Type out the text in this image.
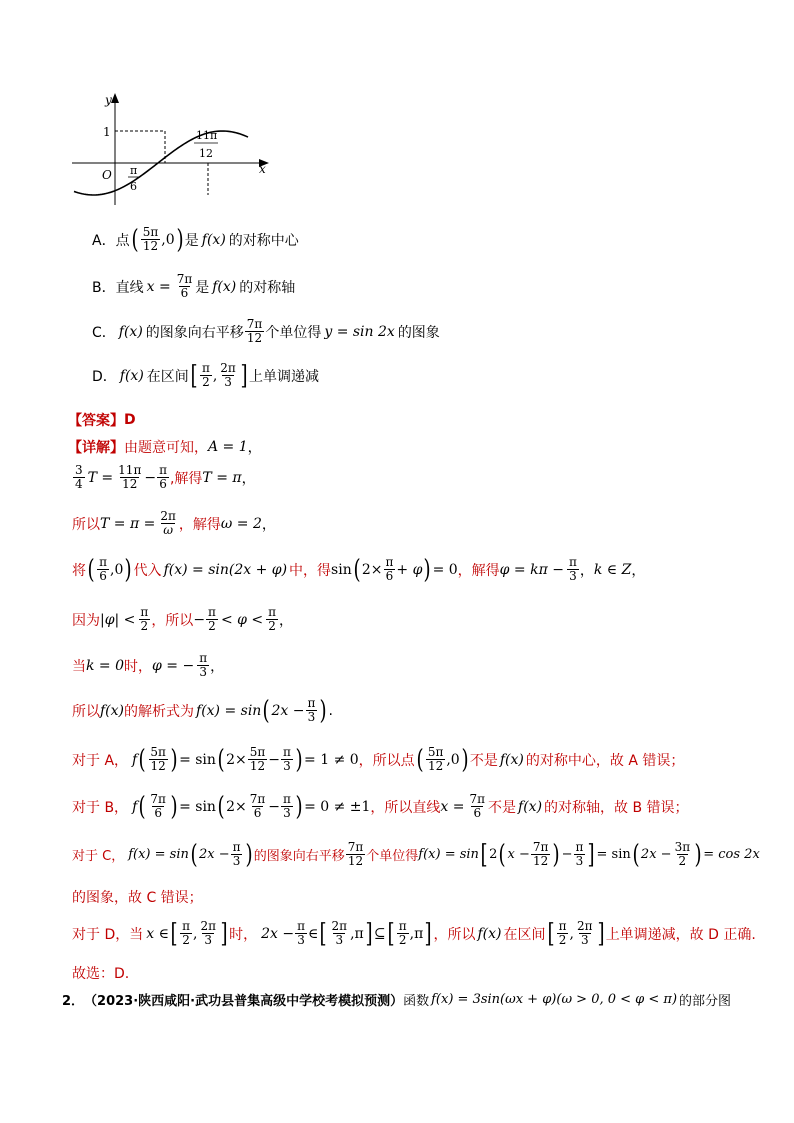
y
x
O
1
π
6
11π
12
A． 点 ( 5π
12 ,0 ) 是 f(x) 的对称中心
B． 直线 $x = \frac{7\pi}{6}$ 是 f(x) 的对称轴
C． f(x) 的图象向右平移
7π
12 个单位得 y = sin 2x 的图象
D． f(x) 在区间 [ π
2 , 2π
3 ] 上单调递减
【答案】 D
【详解】 由题意可知， A = 1 ，
3
4 $T = \frac{11\pi}{12} - \frac{\pi}{6}$ ,解得 T = π ，
所以 $T = \pi = \frac{2\pi}{\omega}$ ，解得 ω = 2 ，
将 ( π
6 ,0 ) 代入 f(x) = sin(2x + φ) 中，得 sin ( $2\times \frac{\pi}{6} + \varphi$ ) = 0 ，解得 $\varphi = k\pi - \frac{\pi}{3}$ ， k ∈ Z ，
因为 |φ| < π
2 ，所以 − $\frac{\pi}{2} < \varphi < \pi$
2 ，
当 k = 0 时， φ = − $\frac{\pi}{3}$ ，
所以 f(x) 的解析式为 f(x) = sin ( $2x - \frac{\pi}{3}$ ) .
对于 A， f ( 5π
12 ) = sin ( $2\times \frac{5\pi}{12} - \frac{\pi}{3}$ ) = 1 ≠ 0 ，所以点 ( 5π
12 ,0 ) 不是 f(x) 的对称中心，故 A 错误；
对于 B， f ( 7π
6 ) = sin ( $2\times \frac{7\pi}{6} - \frac{\pi}{3}$ ) = 0 ≠ ±1 ，所以直线 $x = \frac{7\pi}{6}$ 不是 f(x) 的对称轴，故 B 错误；
对于 C， f(x) = sin ( $2x - \frac{\pi}{3}$ ) 的图象向右平移
7π
12 个单位得 f(x) = sin [ 2 ( $x - \frac{7\pi}{12}$ ) − $\frac{\pi}{3}$ ] = sin ( $2x - \frac{3\pi}{2}$ ) = cos 2x
的图象，故 C 错误；
对于 D，当 x ∈ [ π
2 , 2π
3 ] 时， $2x - \frac{\pi}{3}$ ∈ [ 2π
3 ,π ] ⊆ [ π
2 ,π ] ，所以 f(x) 在区间 [ π
2 , 2π
3 ] 上单调递减，故 D 正确.
故选：D.
2． （2023·陕西咸阳·武功县普集高级中学校考模拟预测） 函数 f(x) = 3sin(ωx + φ)(ω > 0, 0 < φ < π) 的部分图
